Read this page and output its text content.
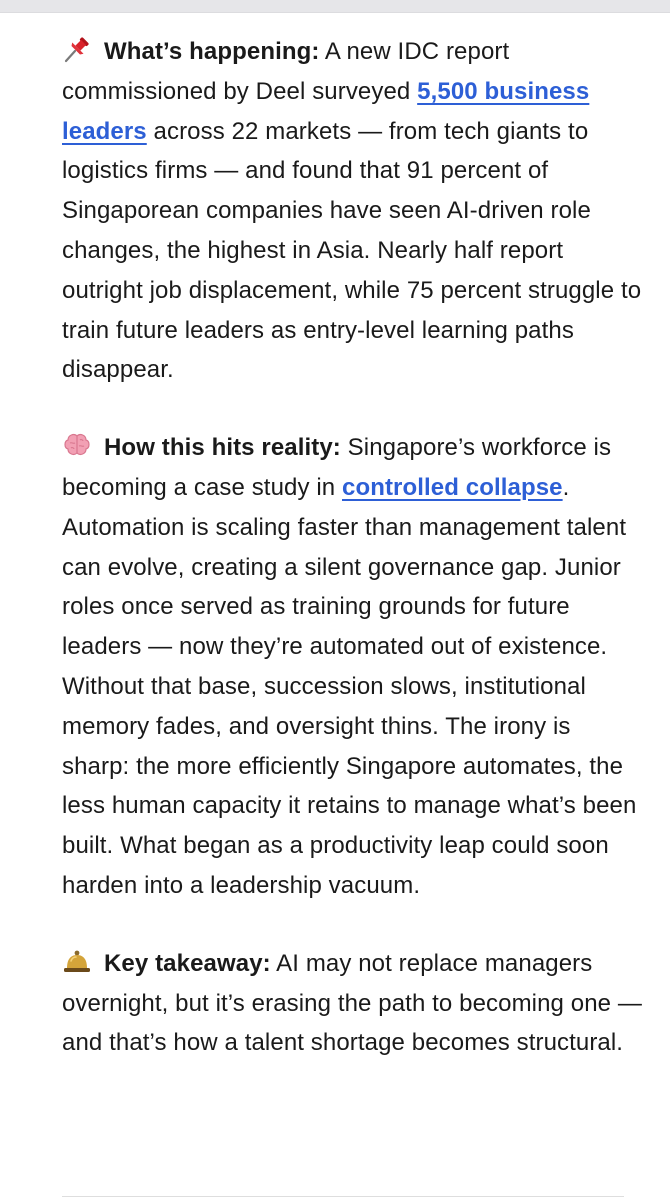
What’s happening: A new IDC report commissioned by Deel surveyed 5,500 business leaders across 22 markets — from tech giants to logistics firms — and found that 91 percent of Singaporean companies have seen AI-driven role changes, the highest in Asia. Nearly half report outright job displacement, while 75 percent struggle to train future leaders as entry-level learning paths disappear.

How this hits reality: Singapore’s workforce is becoming a case study in controlled collapse. Automation is scaling faster than management talent can evolve, creating a silent governance gap. Junior roles once served as training grounds for future leaders — now they’re automated out of existence. Without that base, succession slows, institutional memory fades, and oversight thins. The irony is sharp: the more efficiently Singapore automates, the less human capacity it retains to manage what’s been built. What began as a productivity leap could soon harden into a leadership vacuum.

Key takeaway: AI may not replace managers overnight, but it’s erasing the path to becoming one — and that’s how a talent shortage becomes structural.
